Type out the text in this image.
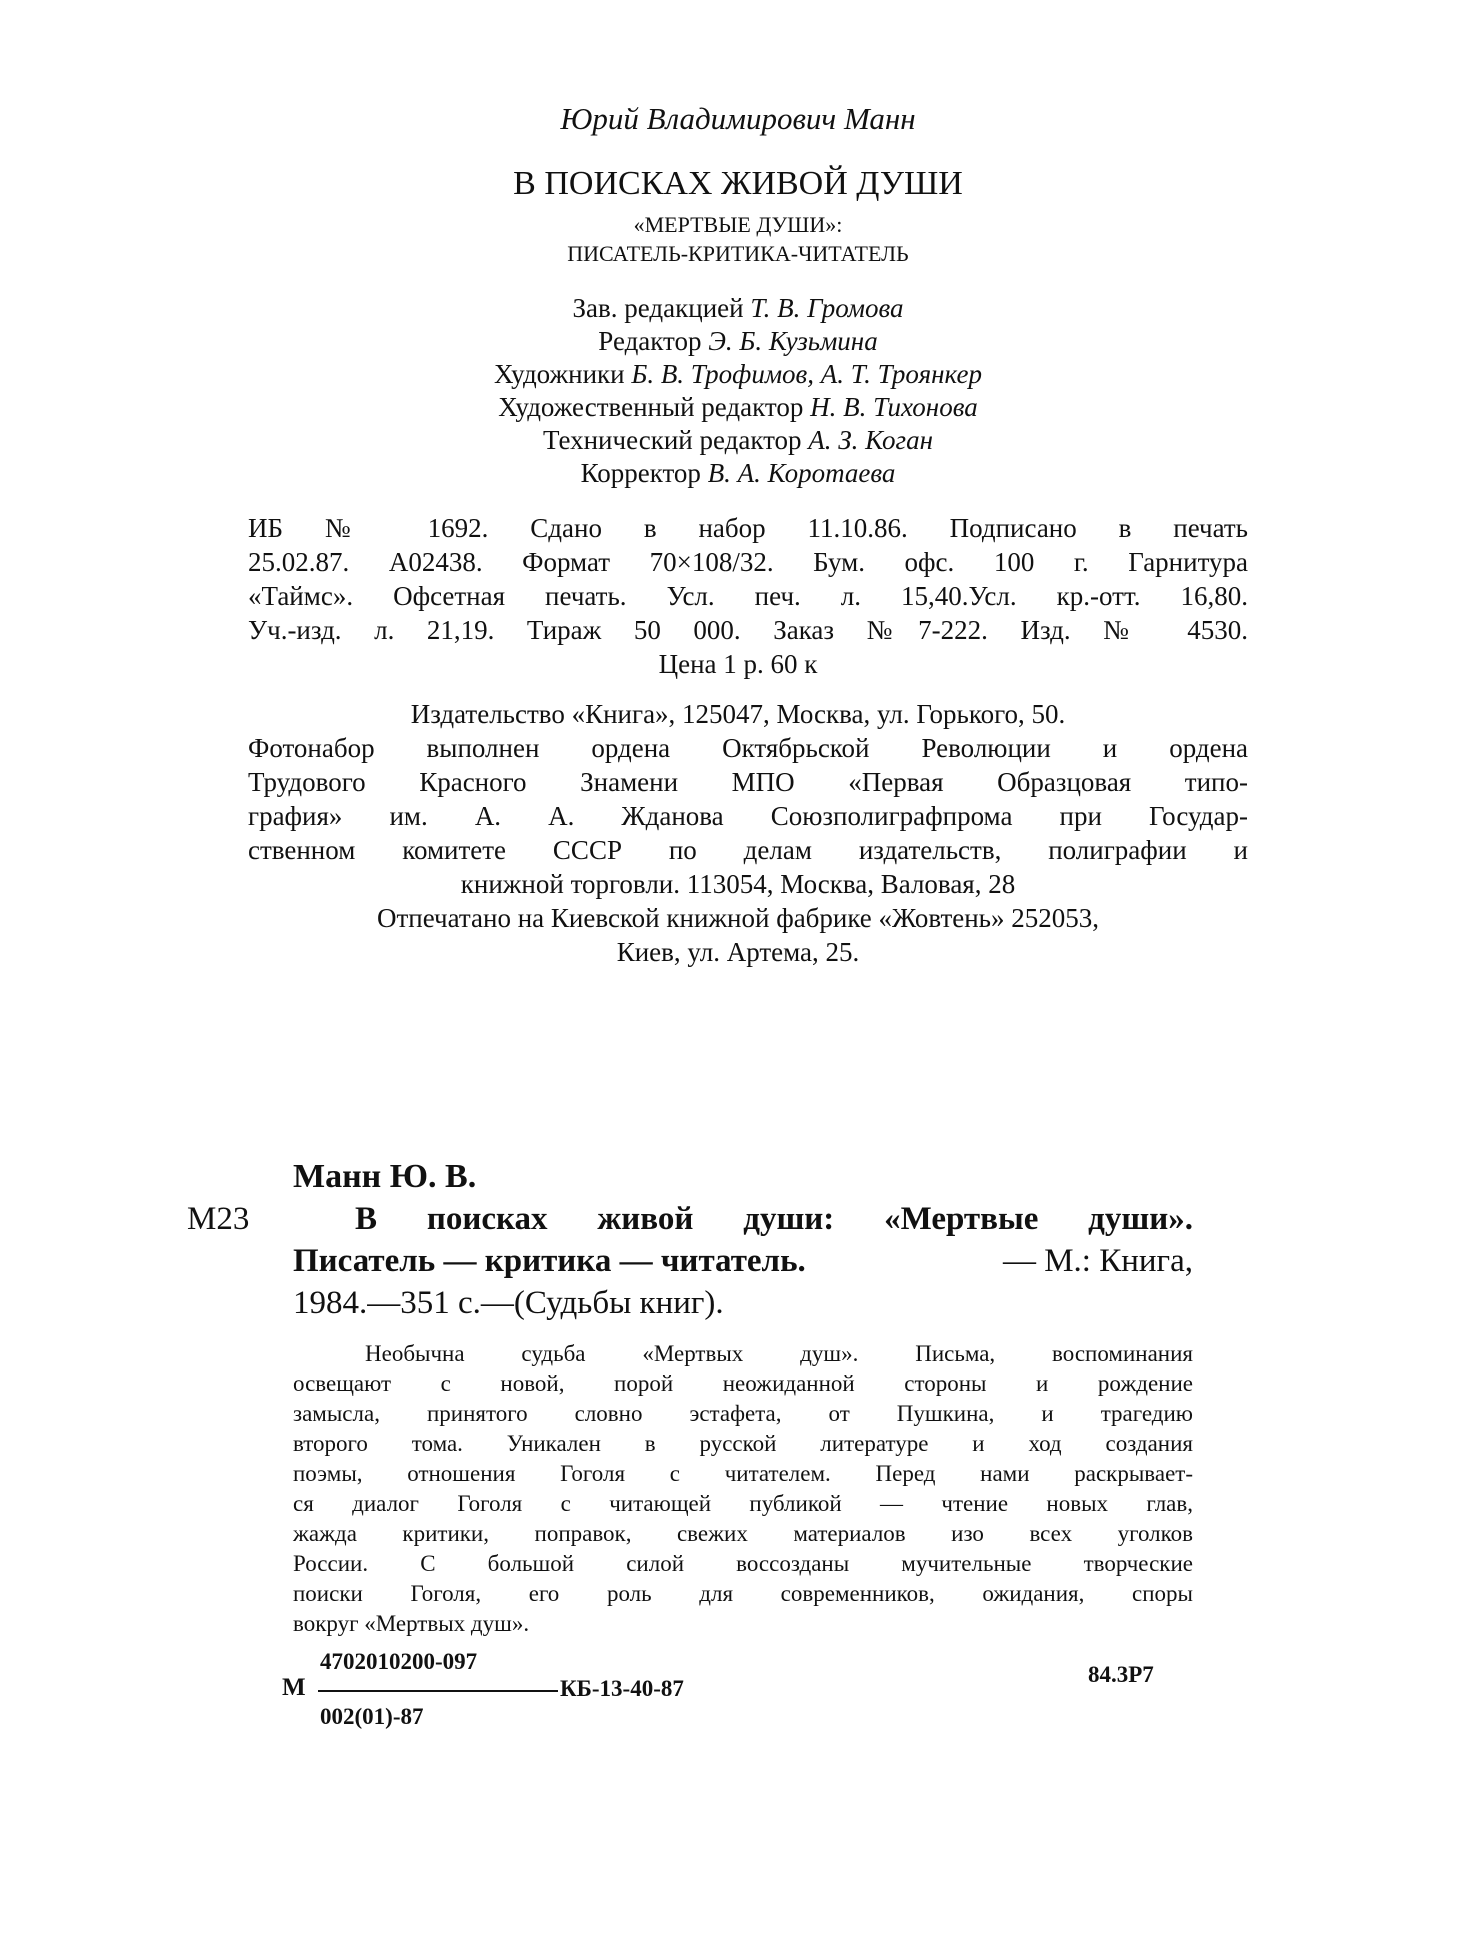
Юрий Владимирович Манн
В ПОИСКАХ ЖИВОЙ ДУШИ
«МЕРТВЫЕ ДУШИ»:
ПИСАТЕЛЬ-КРИТИКА-ЧИТАТЕЛЬ
Зав. редакцией Т. В. Громова
Редактор Э. Б. Кузьмина
Художники Б. В. Трофимов, А. Т. Троянкер
Художественный редактор Н. В. Тихонова
Технический редактор А. З. Коган
Корректор В. А. Коротаева
ИБ № 1692. Сдано в набор 11.10.86. Подписано в печать
25.02.87. А02438. Формат 70×108/32. Бум. офс. 100 г. Гарнитура
«Таймс». Офсетная печать. Усл. печ. л. 15,40.Усл. кр.-отт. 16,80.
Уч.-изд. л. 21,19. Тираж 50 000. Заказ №7-222. Изд. № 4530.
Цена 1 р. 60 к
Издательство «Книга», 125047, Москва, ул. Горького, 50.
Фотонабор выполнен ордена Октябрьской Революции и ордена
Трудового Красного Знамени МПО «Первая Образцовая типо-
графия» им. А. А. Жданова Союзполиграфпрома при Государ-
ственном комитете СССР по делам издательств, полиграфии и
книжной торговли. 113054, Москва, Валовая, 28
Отпечатано на Киевской книжной фабрике «Жовтень» 252053,
Киев, ул. Артема, 25.
Манн Ю. В.
М23	В поисках живой души: «Мертвые души».
Писатель — критика — читатель.	— М.: Книга,
1984.—351 с.—(Судьбы книг).
Необычна судьба «Мертвых душ». Письма, воспоминания
освещают с новой, порой неожиданной стороны и рождение
замысла, принятого словно эстафета, от Пушкина, и трагедию
второго тома. Уникален в русской литературе и ход создания
поэмы, отношения Гоголя с читателем. Перед нами раскрывает-
ся диалог Гоголя с читающей публикой — чтение новых глав,
жажда критики, поправок, свежих материалов изо всех уголков
России. С большой силой воссозданы мучительные творческие
поиски Гоголя, его роль для современников, ожидания, споры
вокруг «Мертвых душ».
М
4702010200-097
002(01)-87
КБ-13-40-87
84.3Р7
